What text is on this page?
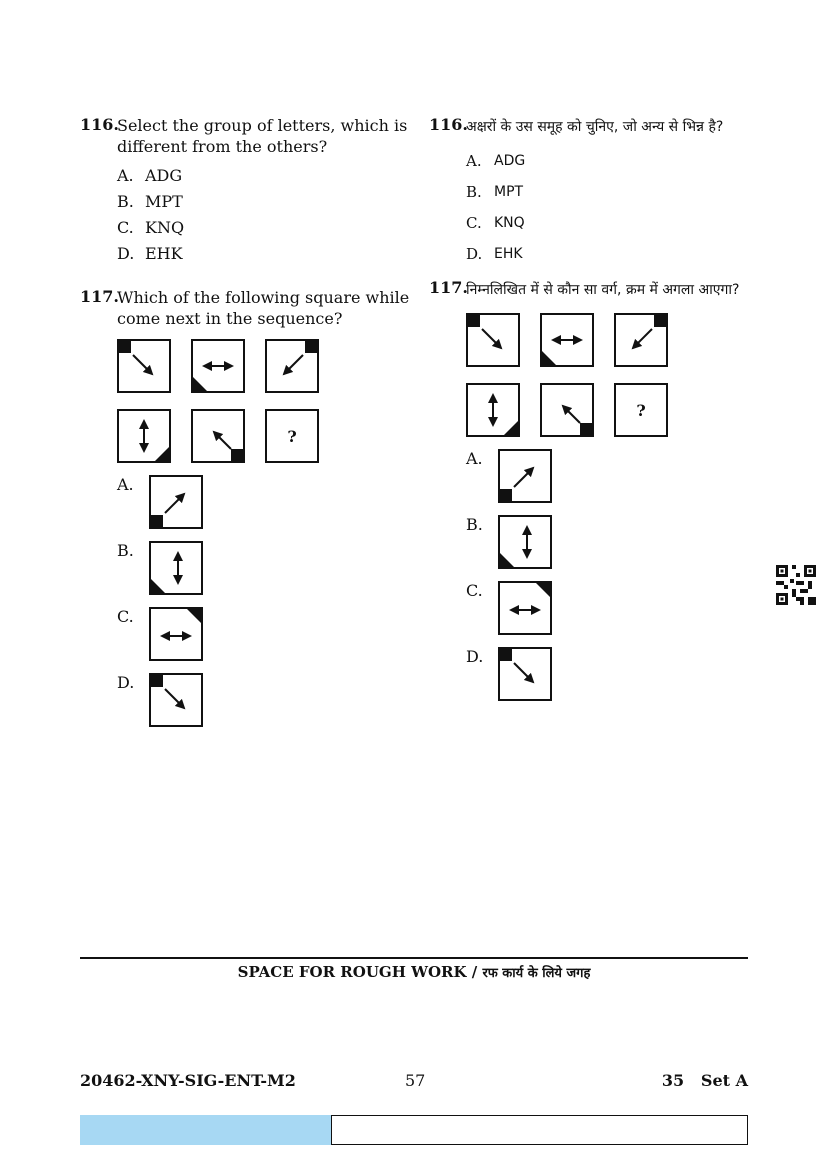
116.
Select the group of letters, which is different from the others?
A. ADG
B. MPT
C. KNQ
D. EHK
117.
Which of the following square while come next in the sequence?
?
A.
B.
C.
D.
116.
अक्षरों के उस समूह को चुनिए, जो अन्य से भिन्न है?
A. ADG
B. MPT
C. KNQ
D. EHK
117.
निम्नलिखित में से कौन सा वर्ग, क्रम में अगला आएगा?
?
A.
B.
C.
D.
SPACE FOR ROUGH WORK / रफ कार्य के लिये जगह
20462-XNY-SIG-ENT-M2	57	35   Set A
